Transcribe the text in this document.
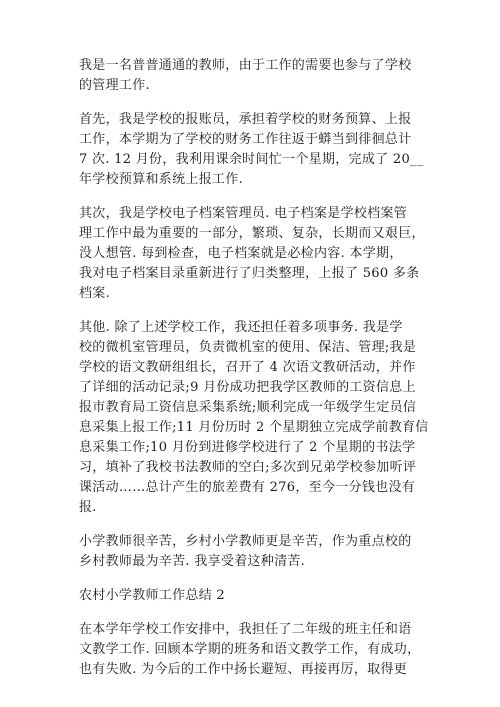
我是一名普普通通的教师，由于工作的需要也参与了学校
的管理工作.
首先，我是学校的报账员，承担着学校的财务预算、上报
工作，本学期为了学校的财务工作往返于蟒当到徘徊总计
7 次. 12 月份，我利用课余时间忙一个星期，完成了 20__
年学校预算和系统上报工作.
其次，我是学校电子档案管理员. 电子档案是学校档案管
理工作中最为重要的一部分，繁琐、复杂，长期而又艰巨，
没人想管. 每到检查，电子档案就是必检内容. 本学期，
我对电子档案目录重新进行了归类整理，上报了 560 多条
档案.
其他. 除了上述学校工作，我还担任着多项事务. 我是学
校的微机室管理员，负责微机室的使用、保洁、管理;我是
学校的语文教研组组长，召开了 4 次语文教研活动，并作
了详细的活动记录;9 月份成功把我学区教师的工资信息上
报市教育局工资信息采集系统;顺利完成一年级学生定员信
息采集上报工作;11 月份历时 2 个星期独立完成学前教育信
息采集工作;10 月份到进修学校进行了 2 个星期的书法学
习，填补了我校书法教师的空白;多次到兄弟学校参加听评
课活动……总计产生的旅差费有 276，至今一分钱也没有
报.
小学教师很辛苦，乡村小学教师更是辛苦，作为重点校的
乡村教师最为辛苦. 我享受着这种清苦.
农村小学教师工作总结 2
在本学年学校工作安排中，我担任了二年级的班主任和语
文教学工作. 回顾本学期的班务和语文教学工作，有成功，
也有失败. 为今后的工作中扬长避短、再接再厉，取得更
